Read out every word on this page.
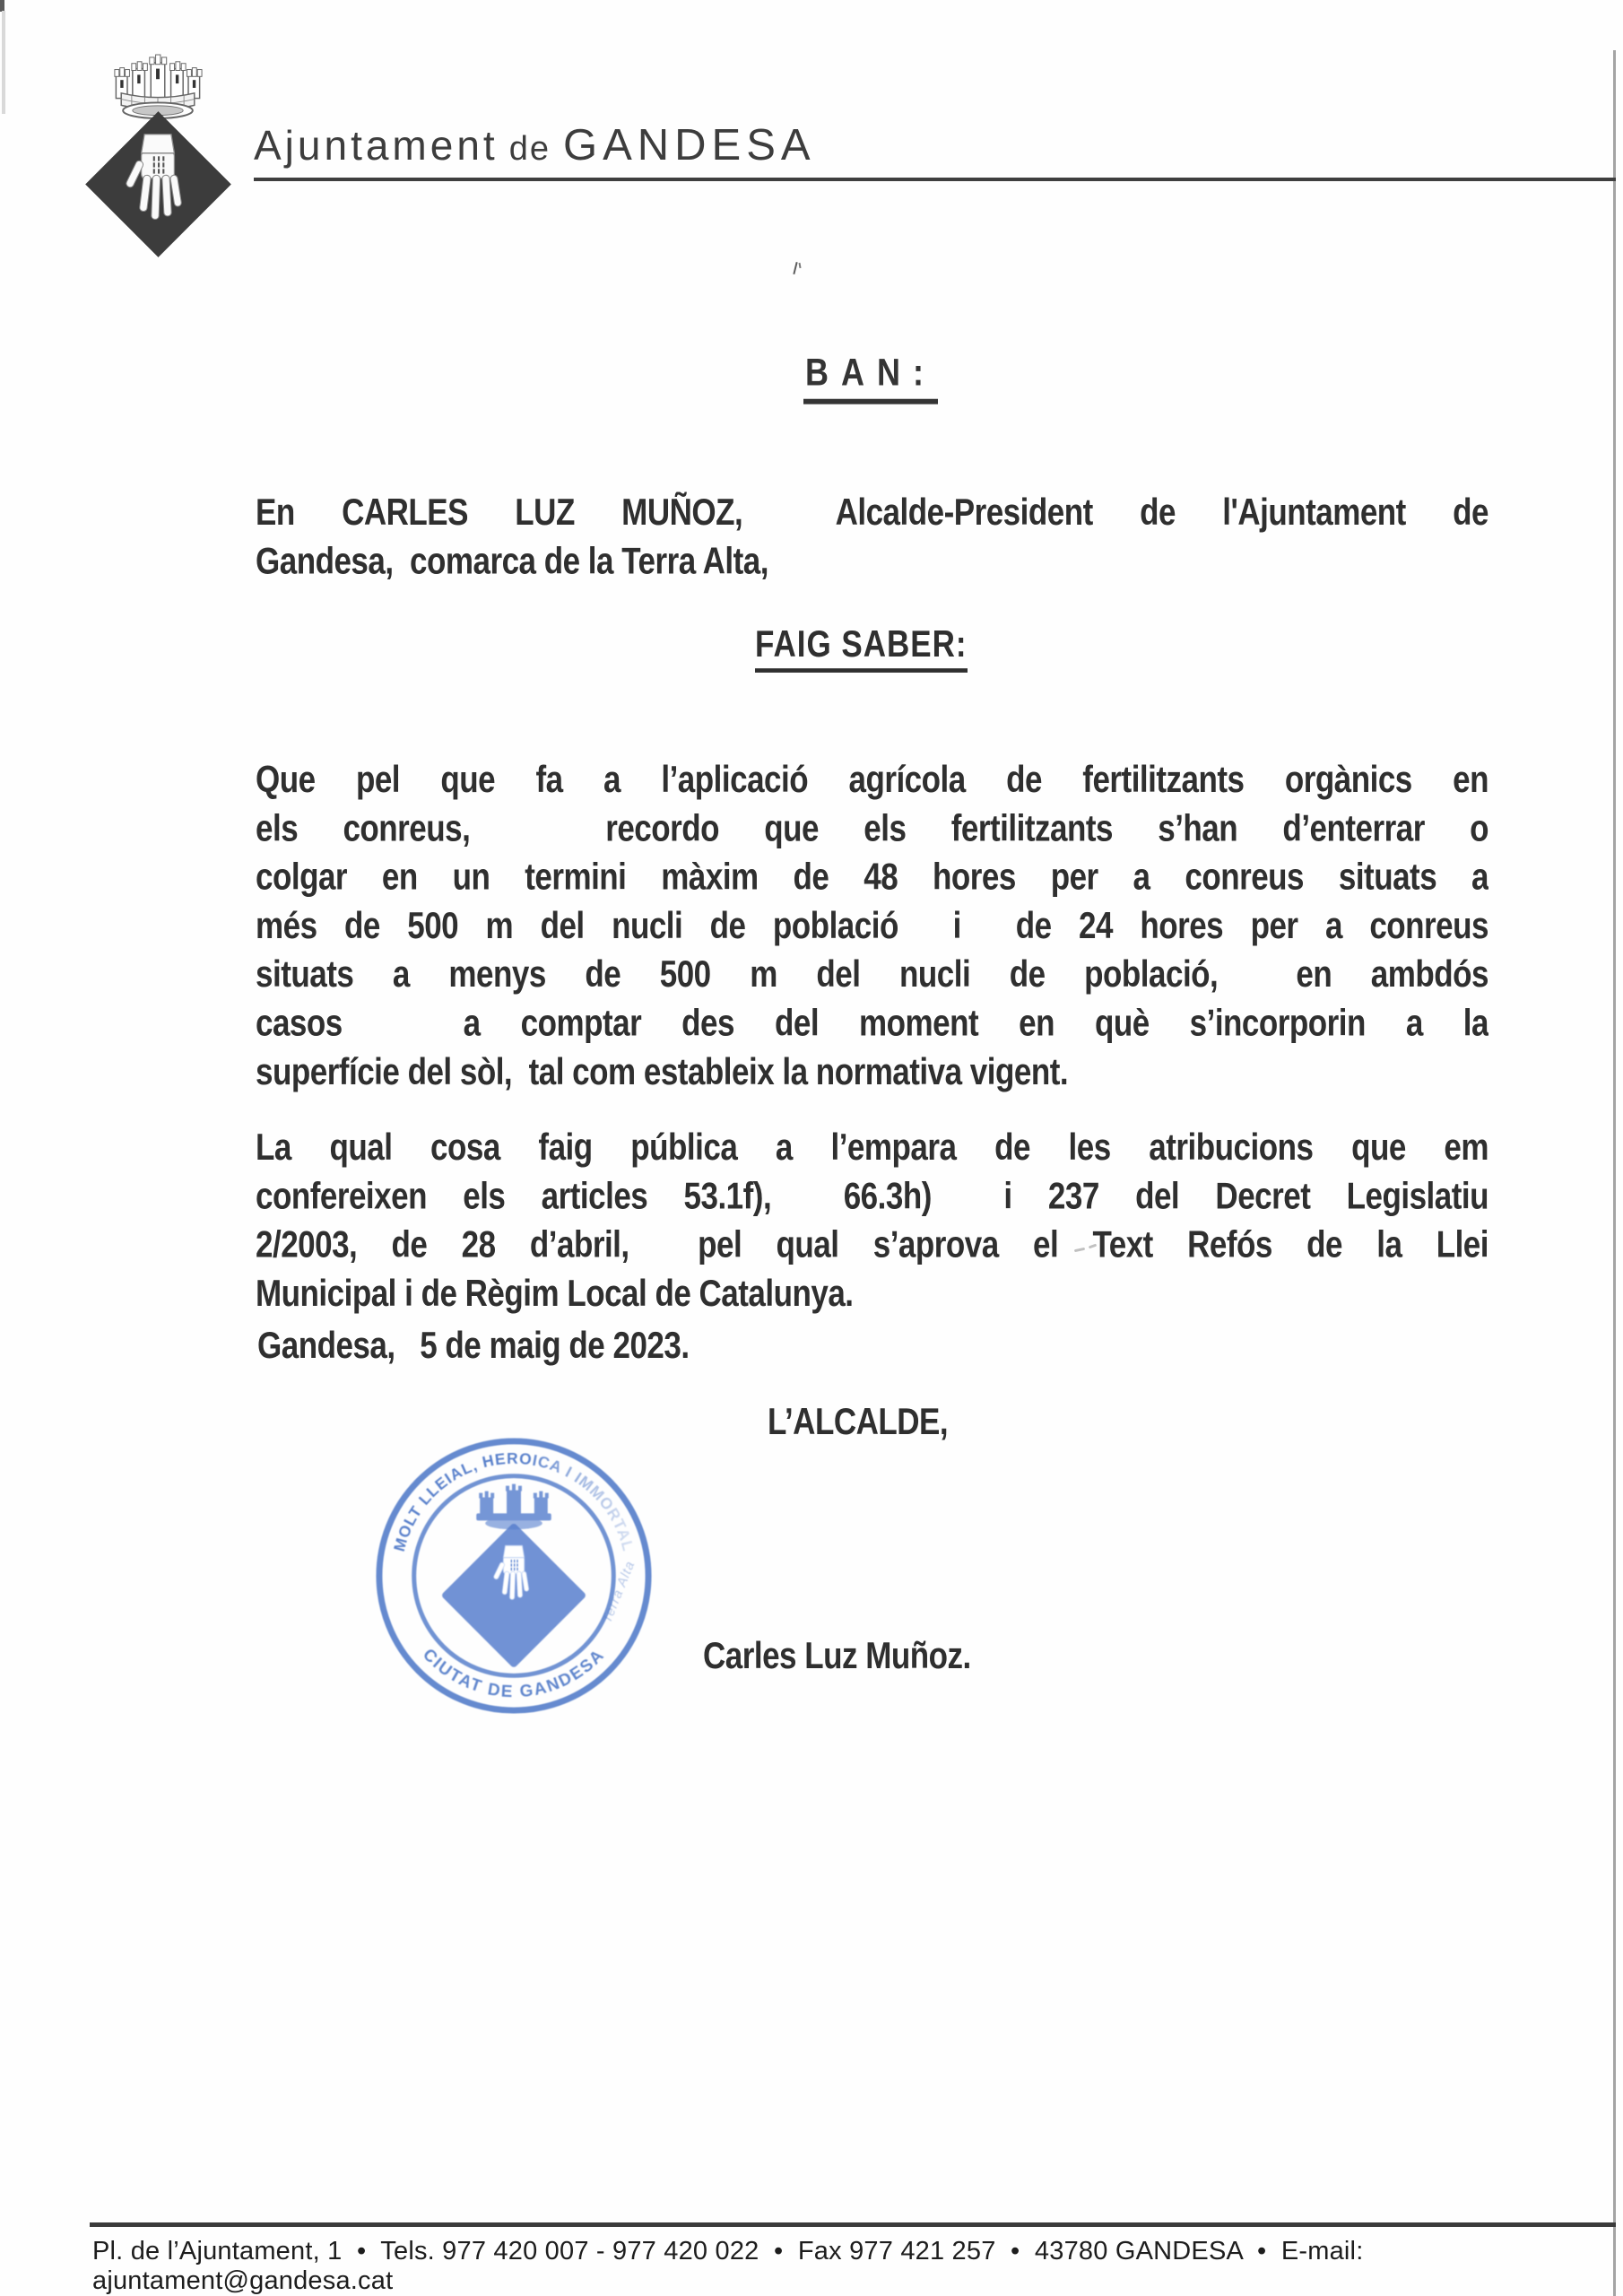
Ajuntament de GANDESA
BAN:
En CARLES LUZ MUÑOZ,  Alcalde-President de l'Ajuntament de
Gandesa,  comarca de la Terra Alta,
FAIG SABER:
Que pel que fa a l’aplicació agrícola de fertilitzants orgànics en
els conreus,   recordo que els fertilitzants s’han d’enterrar o
colgar en un termini màxim de 48 hores per a conreus situats a
més de 500 m del nucli de població  i  de 24 hores per a conreus
situats a menys de 500 m del nucli de població,  en ambdós
casos   a comptar des del moment en què s’incorporin a la
superfície del sòl,  tal com estableix la normativa vigent.
La qual cosa faig pública a l’empara de les atribucions que em
confereixen els articles 53.1f),  66.3h)  i 237 del Decret Legislatiu
2/2003, de 28 d’abril,  pel qual s’aprova el Text Refós de la Llei
Municipal i de Règim Local de Catalunya.
Gandesa,   5 de maig de 2023.
L’ALCALDE,
MOLT LLEIAL, HEROICA I IMMORTAL
CIUTAT DE GANDESA
Terra Alta
Carles Luz Muñoz.
Pl. de l’Ajuntament, 1  •  Tels. 977 420 007 - 977 420 022  •  Fax 977 421 257  •  43780 GANDESA  •  E-mail: ajuntament@gandesa.cat
